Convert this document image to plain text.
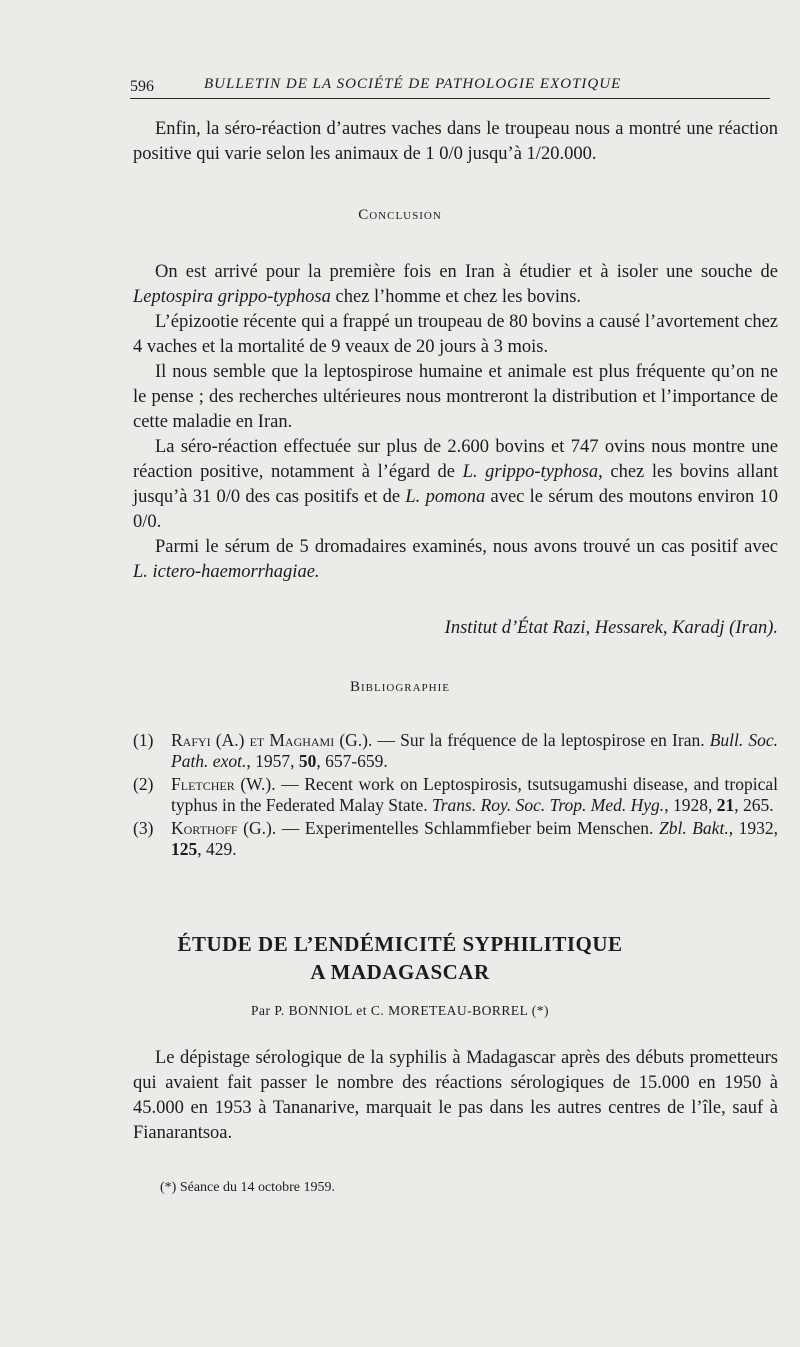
596	BULLETIN DE LA SOCIÉTÉ DE PATHOLOGIE EXOTIQUE

Enfin, la séro-réaction d’autres vaches dans le troupeau nous a montré une réaction positive qui varie selon les animaux de 1 0/0 jusqu’à 1/20.000.

Conclusion

On est arrivé pour la première fois en Iran à étudier et à isoler une souche de Leptospira grippo-typhosa chez l’homme et chez les bovins.

L’épizootie récente qui a frappé un troupeau de 80 bovins a causé l’avortement chez 4 vaches et la mortalité de 9 veaux de 20 jours à 3 mois.

Il nous semble que la leptospirose humaine et animale est plus fréquente qu’on ne le pense ; des recherches ultérieures nous montreront la distribution et l’importance de cette maladie en Iran.

La séro-réaction effectuée sur plus de 2.600 bovins et 747 ovins nous montre une réaction positive, notamment à l’égard de L. grippo-typhosa, chez les bovins allant jusqu’à 31 0/0 des cas positifs et de L. pomona avec le sérum des moutons environ 10 0/0.

Parmi le sérum de 5 dromadaires examinés, nous avons trouvé un cas positif avec L. ictero-haemorrhagiae.

Institut d’État Razi, Hessarek, Karadj (Iran).
Bibliographie
(1) Rafyi (A.) et Maghami (G.). — Sur la fréquence de la leptospirose en Iran. Bull. Soc. Path. exot., 1957, 50, 657-659.
(2) Fletcher (W.). — Recent work on Leptospirosis, tsutsugamushi disease, and tropical typhus in the Federated Malay State. Trans. Roy. Soc. Trop. Med. Hyg., 1928, 21, 265.
(3) Korthoff (G.). — Experimentelles Schlammfieber beim Menschen. Zbl. Bakt., 1932, 125, 429.
ÉTUDE DE L’ENDÉMICITÉ SYPHILITIQUE
A MADAGASCAR
Par P. BONNIOL et C. MORETEAU-BORREL (*)

Le dépistage sérologique de la syphilis à Madagascar après des débuts prometteurs qui avaient fait passer le nombre des réactions sérologiques de 15.000 en 1950 à 45.000 en 1953 à Tananarive, marquait le pas dans les autres centres de l’île, sauf à Fianarantsoa.

(*) Séance du 14 octobre 1959.
